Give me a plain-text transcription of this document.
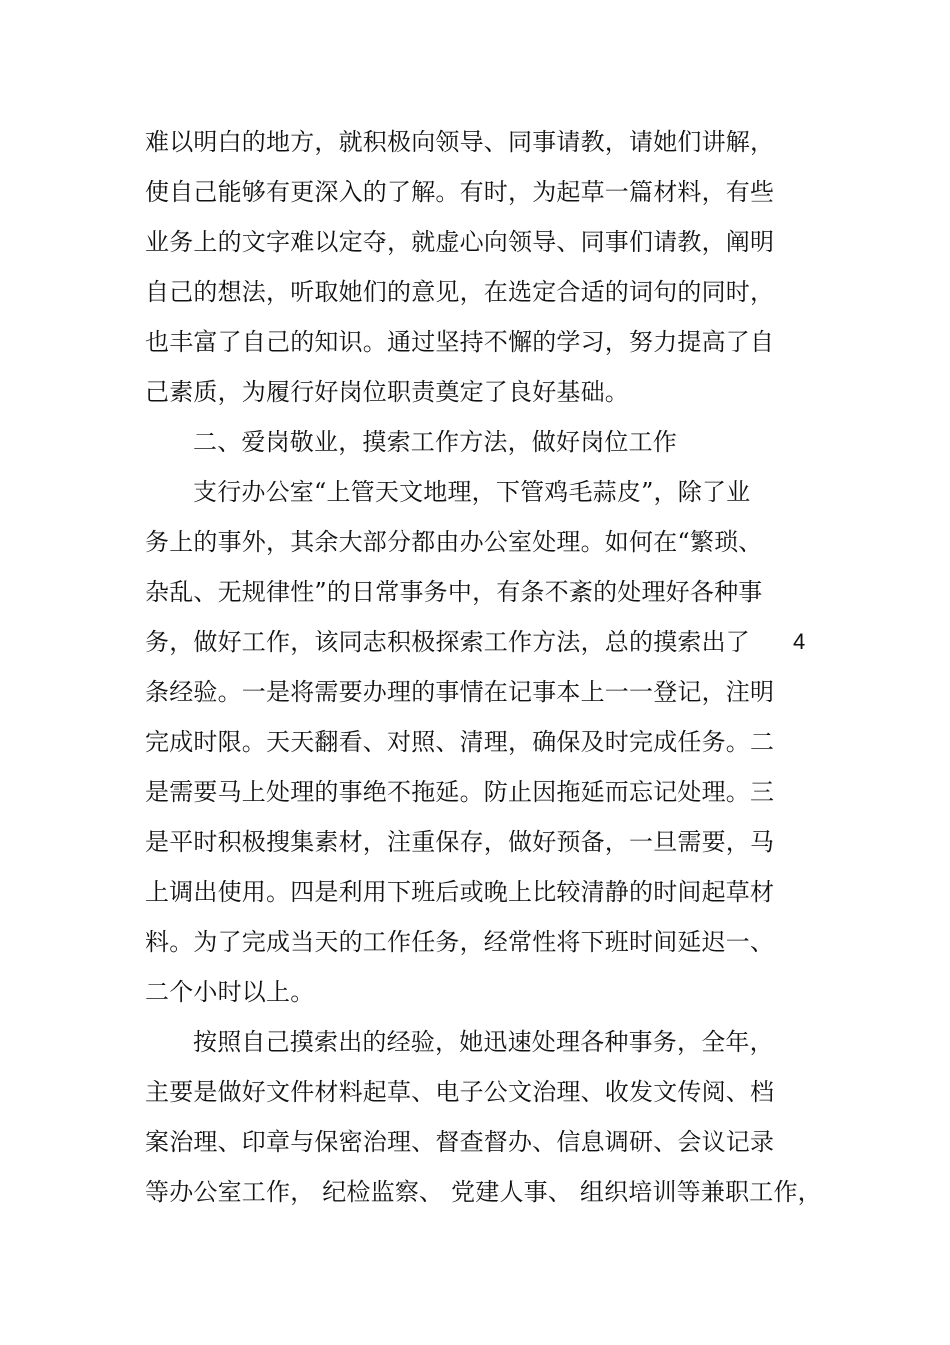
难以明白的地方，就积极向领导、同事请教，请她们讲解，
使自己能够有更深入的了解。有时，为起草一篇材料，有些
业务上的文字难以定夺，就虚心向领导、同事们请教，阐明
自己的想法，听取她们的意见，在选定合适的词句的同时，
也丰富了自己的知识。通过坚持不懈的学习，努力提高了自
己素质，为履行好岗位职责奠定了良好基础。
二、爱岗敬业，摸索工作方法，做好岗位工作
支行办公室“上管天文地理，下管鸡毛蒜皮”，除了业
务上的事外，其余大部分都由办公室处理。如何在“繁琐、
杂乱、无规律性”的日常事务中，有条不紊的处理好各种事
务，做好工作，该同志积极探索工作方法，总的摸索出了
条经验。一是将需要办理的事情在记事本上一一登记，注明
完成时限。天天翻看、对照、清理，确保及时完成任务。二
是需要马上处理的事绝不拖延。防止因拖延而忘记处理。三
是平时积极搜集素材，注重保存，做好预备，一旦需要，马
上调出使用。四是利用下班后或晚上比较清静的时间起草材
料。为了完成当天的工作任务，经常性将下班时间延迟一、
二个小时以上。
按照自己摸索出的经验，她迅速处理各种事务，全年，
主要是做好文件材料起草、电子公文治理、收发文传阅、档
案治理、印章与保密治理、督查督办、信息调研、会议记录
等办公室工作， 纪检监察、 党建人事、 组织培训等兼职工作，
4
